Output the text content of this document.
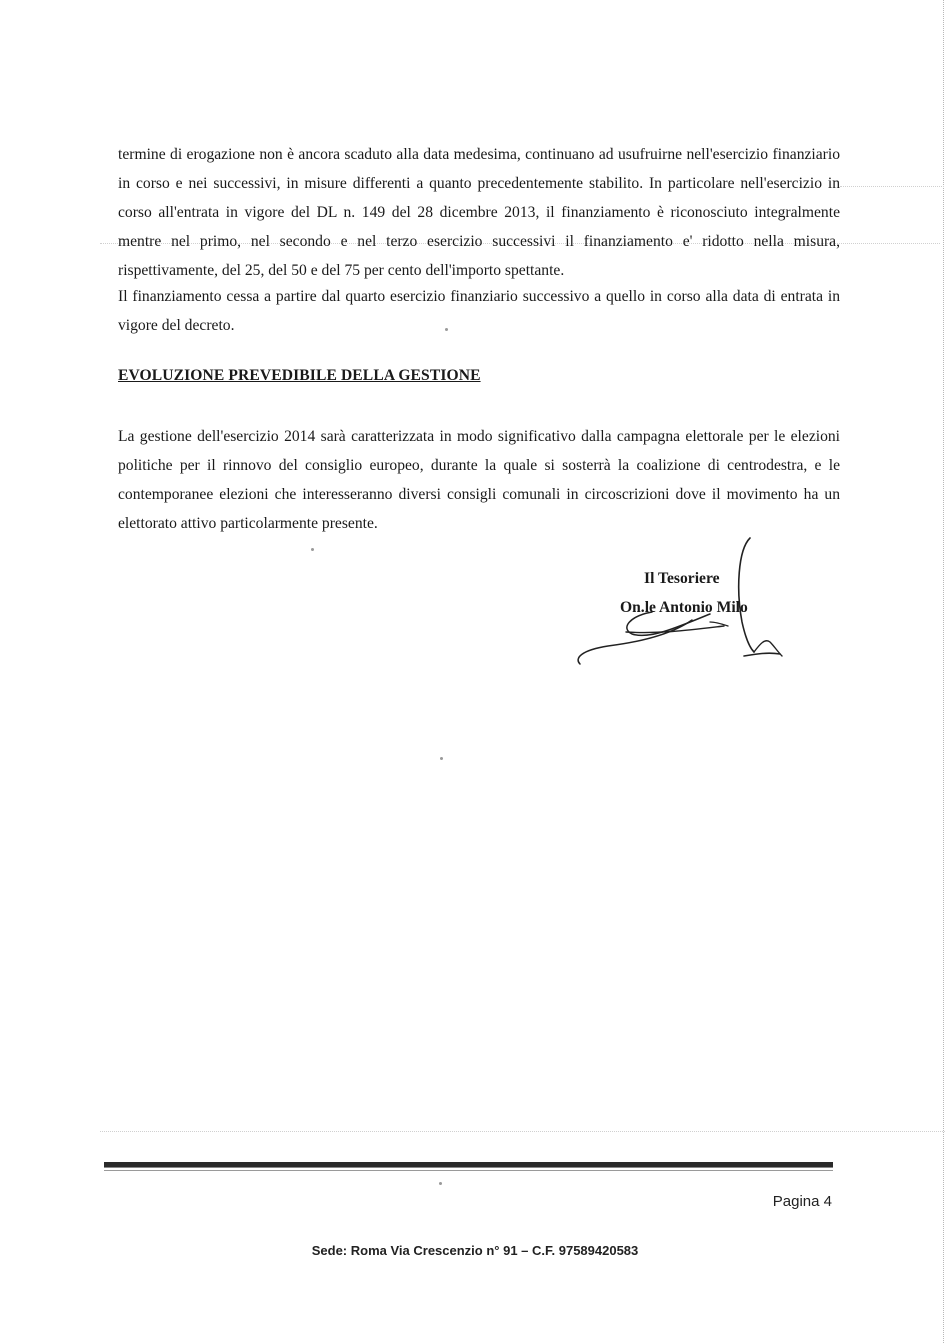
termine di erogazione non è ancora scaduto alla data medesima, continuano ad usufruirne nell'esercizio finanziario in corso e nei successivi, in misure differenti a quanto precedentemente stabilito. In particolare nell'esercizio in corso all'entrata in vigore del DL n. 149 del 28 dicembre 2013, il finanziamento è riconosciuto integralmente mentre nel primo, nel secondo e nel terzo esercizio successivi il finanziamento e' ridotto nella misura, rispettivamente, del 25, del 50 e del 75 per cento dell'importo spettante.

Il finanziamento cessa a partire dal quarto esercizio finanziario successivo a quello in corso alla data di entrata in vigore del decreto.

EVOLUZIONE PREVEDIBILE DELLA GESTIONE

La gestione dell'esercizio 2014 sarà caratterizzata in modo significativo dalla campagna elettorale per le elezioni politiche per il rinnovo del consiglio europeo, durante la quale si sosterrà la coalizione di centrodestra, e le contemporanee elezioni che interesseranno diversi consigli comunali in circoscrizioni dove il movimento ha un elettorato attivo particolarmente presente.

Il Tesoriere
On.le Antonio Milo
Pagina 4
Sede: Roma Via Crescenzio n° 91 – C.F. 97589420583
